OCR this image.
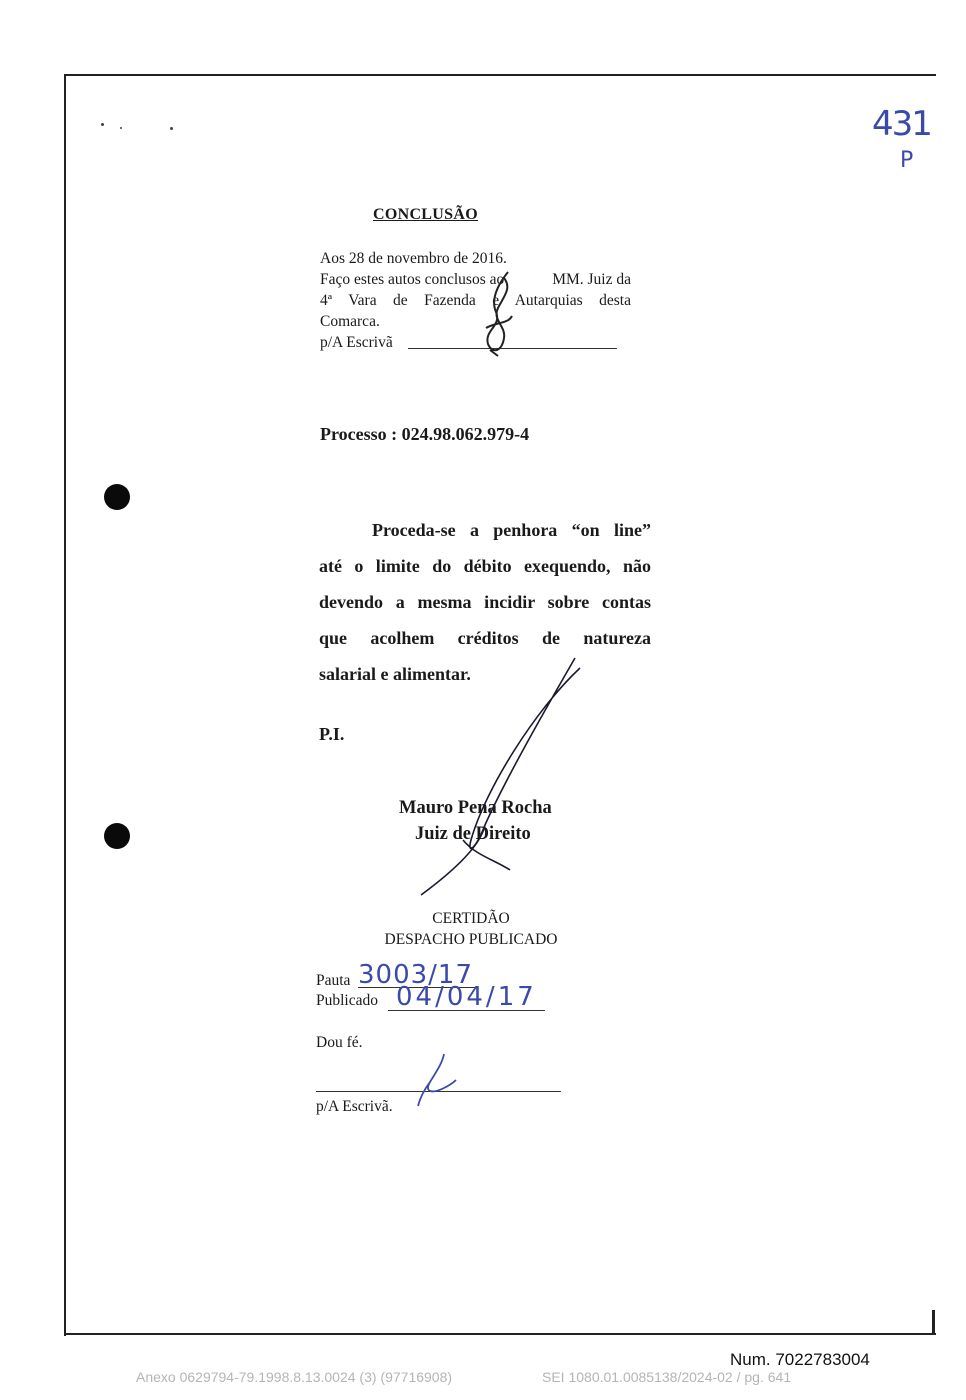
431
P
CONCLUSÃO
Aos 28 de novembro de 2016.
Faço estes autos conclusos ao	MM. Juiz da
4ª Vara de Fazenda e Autarquias desta
Comarca.
p/A Escrivã
Processo : 024.98.062.979-4
Proceda-se a penhora “on line”
até o limite do débito exequendo, não
devendo a mesma incidir sobre contas
que acolhem créditos de natureza
salarial e alimentar.
P.I.
Mauro Pena Rocha
Juiz de Direito
CERTIDÃO
DESPACHO PUBLICADO
Pauta 3003/17
Publicado 04/04/17
Dou fé.
p/A Escrivã.
Num. 7022783004
Anexo 0629794-79.1998.8.13.0024 (3) (97716908)	SEI 1080.01.0085138/2024-02 / pg. 641
